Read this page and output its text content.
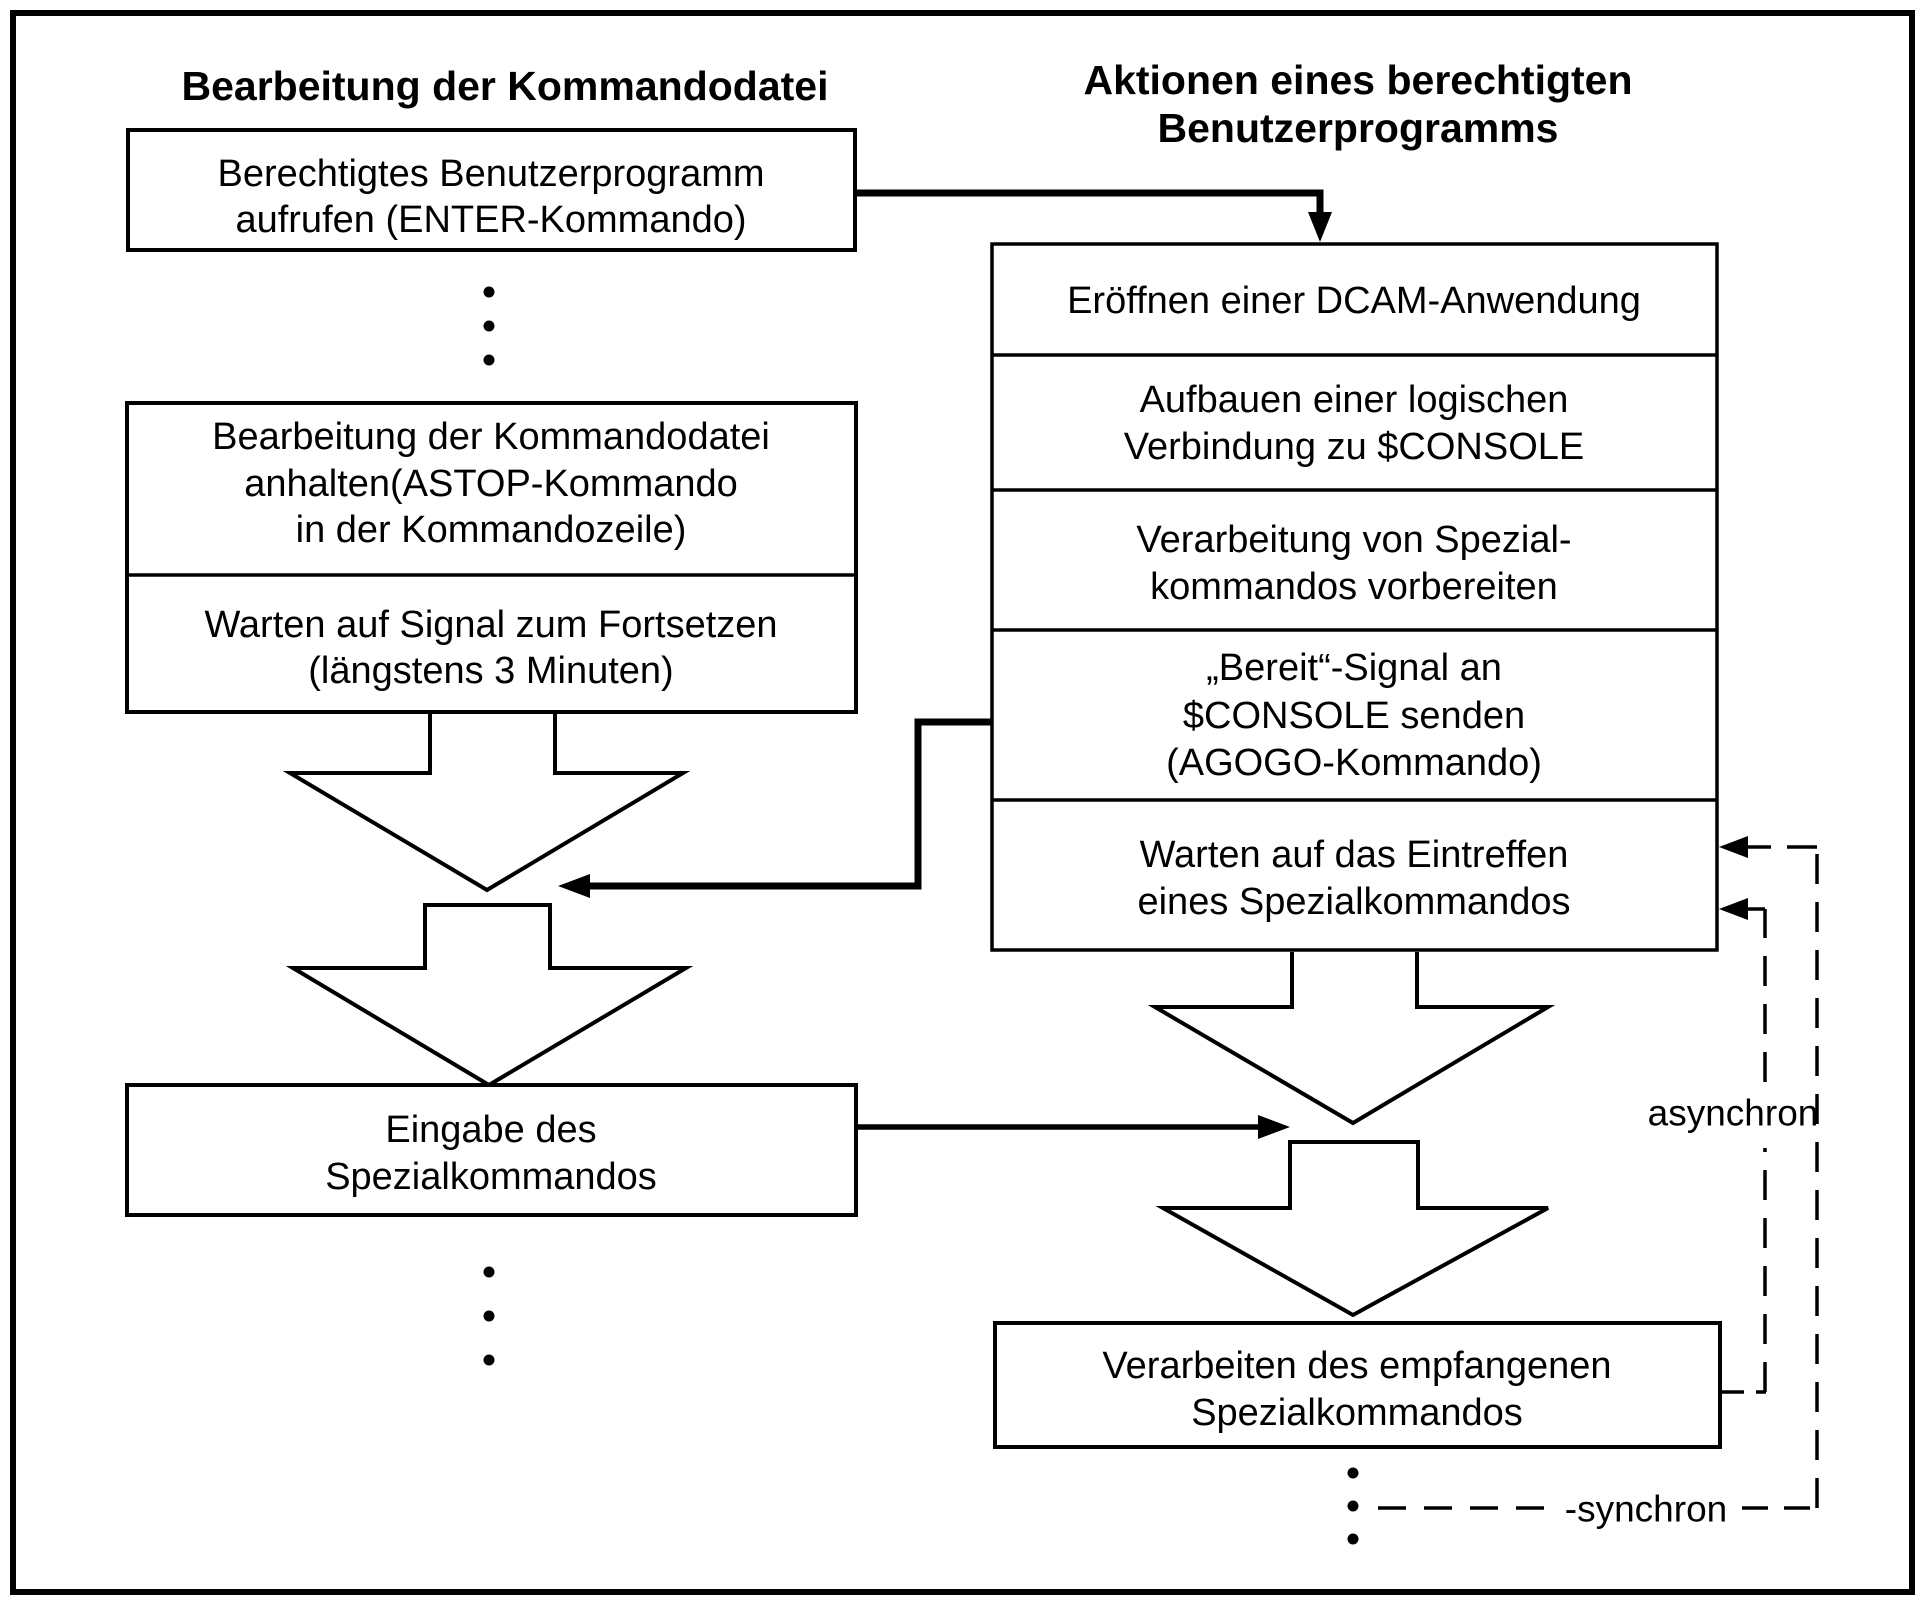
Bearbeitung der Kommandodatei	Aktionen eines berechtigten
Benutzerprogramms
Berechtigtes Benutzerprogramm
aufrufen (ENTER-Kommando)
Bearbeitung der Kommandodatei
anhalten(ASTOP-Kommando
in der Kommandozeile)
Warten auf Signal zum Fortsetzen
(längstens 3 Minuten)
Eingabe des
Spezialkommandos
Eröffnen einer DCAM-Anwendung
Aufbauen einer logischen
Verbindung zu $CONSOLE
Verarbeitung von Spezial-
kommandos vorbereiten
„Bereit“-Signal an
$CONSOLE senden
(AGOGO-Kommando)
Warten auf das Eintreffen
eines Spezialkommandos
Verarbeiten des empfangenen
Spezialkommandos
asynchron
-synchron
